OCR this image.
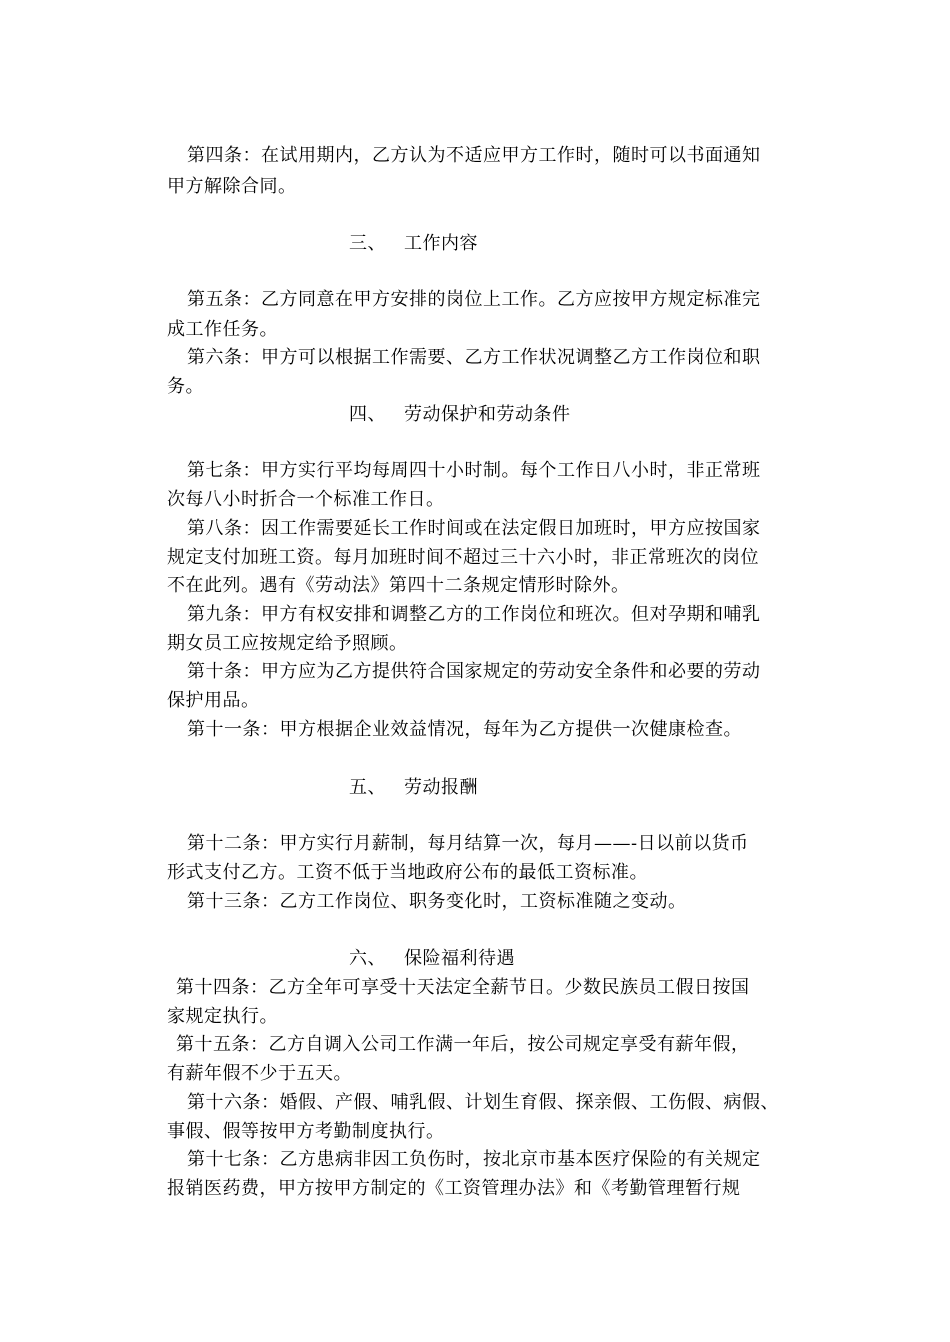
第四条：在试用期内，乙方认为不适应甲方工作时，随时可以书面通知
甲方解除合同。
三、 工作内容
第五条：乙方同意在甲方安排的岗位上工作。乙方应按甲方规定标准完
成工作任务。
第六条：甲方可以根据工作需要、乙方工作状况调整乙方工作岗位和职
务。
四、 劳动保护和劳动条件
第七条：甲方实行平均每周四十小时制。每个工作日八小时，非正常班
次每八小时折合一个标准工作日。
第八条：因工作需要延长工作时间或在法定假日加班时，甲方应按国家
规定支付加班工资。每月加班时间不超过三十六小时，非正常班次的岗位
不在此列。遇有《劳动法》第四十二条规定情形时除外。
第九条：甲方有权安排和调整乙方的工作岗位和班次。但对孕期和哺乳
期女员工应按规定给予照顾。
第十条：甲方应为乙方提供符合国家规定的劳动安全条件和必要的劳动
保护用品。
第十一条：甲方根据企业效益情况，每年为乙方提供一次健康检查。
五、 劳动报酬
第十二条：甲方实行月薪制，每月结算一次，每月——-日以前以货币
形式支付乙方。工资不低于当地政府公布的最低工资标准。
第十三条：乙方工作岗位、职务变化时，工资标准随之变动。
六、 保险福利待遇
第十四条：乙方全年可享受十天法定全薪节日。少数民族员工假日按国
家规定执行。
第十五条：乙方自调入公司工作满一年后，按公司规定享受有薪年假，
有薪年假不少于五天。
第十六条：婚假、产假、哺乳假、计划生育假、探亲假、工伤假、病假、
事假、假等按甲方考勤制度执行。
第十七条：乙方患病非因工负伤时，按北京市基本医疗保险的有关规定
报销医药费，甲方按甲方制定的《工资管理办法》和《考勤管理暂行规
